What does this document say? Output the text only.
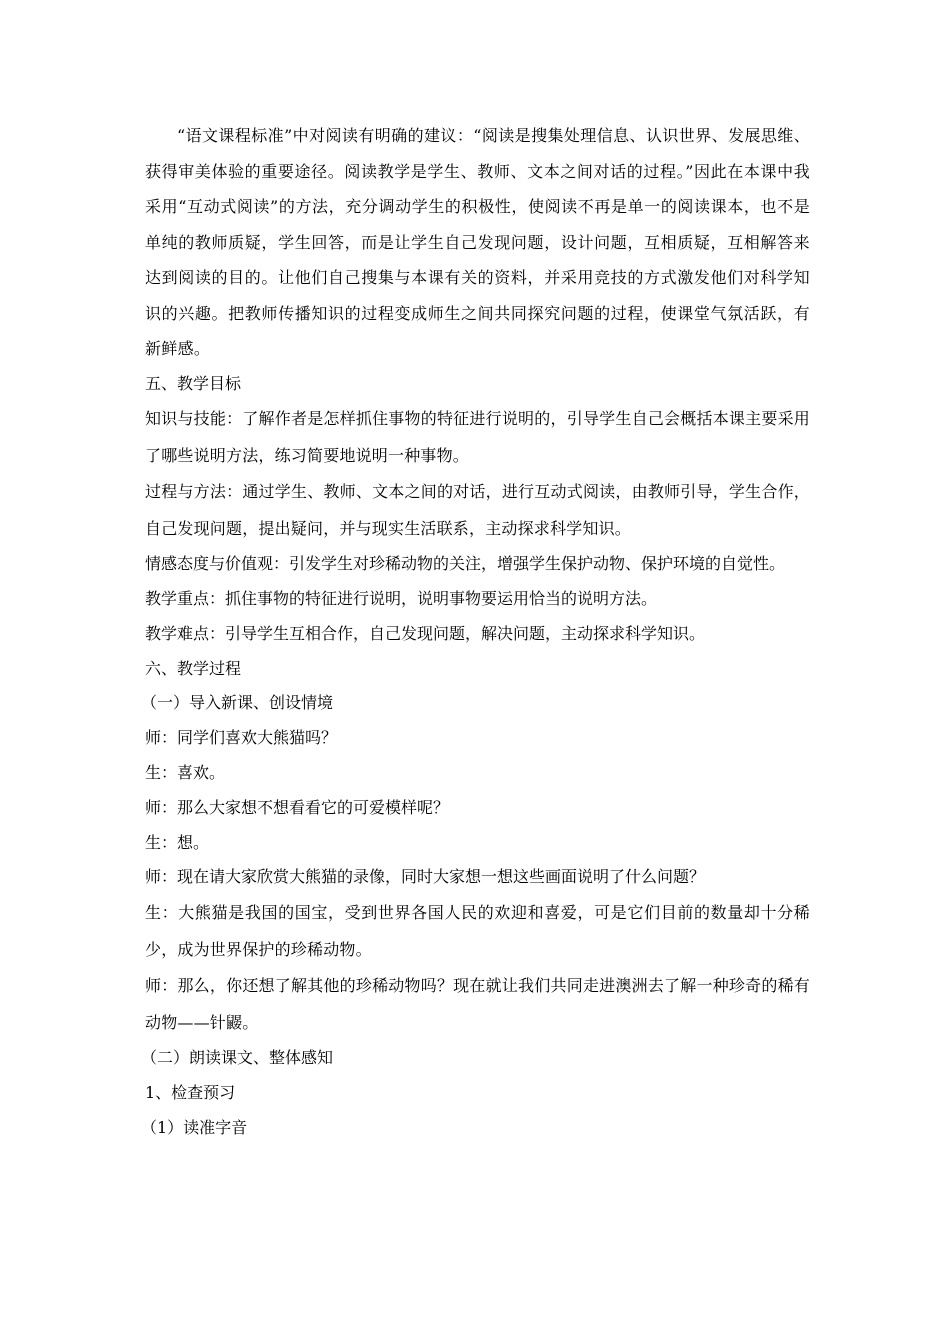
“语文课程标准”中对阅读有明确的建议：“阅读是搜集处理信息、认识世界、发展思维、获得审美体验的重要途径。阅读教学是学生、教师、文本之间对话的过程。”因此在本课中我采用“互动式阅读”的方法，充分调动学生的积极性，使阅读不再是单一的阅读课本，也不是单纯的教师质疑，学生回答，而是让学生自己发现问题，设计问题，互相质疑，互相解答来达到阅读的目的。让他们自己搜集与本课有关的资料，并采用竞技的方式激发他们对科学知识的兴趣。把教师传播知识的过程变成师生之间共同探究问题的过程，使课堂气氛活跃，有新鲜感。

五、教学目标

知识与技能：了解作者是怎样抓住事物的特征进行说明的，引导学生自己会概括本课主要采用了哪些说明方法，练习简要地说明一种事物。

过程与方法：通过学生、教师、文本之间的对话，进行互动式阅读，由教师引导，学生合作，自己发现问题，提出疑问，并与现实生活联系，主动探求科学知识。

情感态度与价值观：引发学生对珍稀动物的关注，增强学生保护动物、保护环境的自觉性。

教学重点：抓住事物的特征进行说明，说明事物要运用恰当的说明方法。

教学难点：引导学生互相合作，自己发现问题，解决问题，主动探求科学知识。

六、教学过程

（一）导入新课、创设情境

师：同学们喜欢大熊猫吗？

生：喜欢。

师：那么大家想不想看看它的可爱模样呢？

生：想。

师：现在请大家欣赏大熊猫的录像，同时大家想一想这些画面说明了什么问题？

生：大熊猫是我国的国宝，受到世界各国人民的欢迎和喜爱，可是它们目前的数量却十分稀少，成为世界保护的珍稀动物。

师：那么，你还想了解其他的珍稀动物吗？现在就让我们共同走进澳洲去了解一种珍奇的稀有动物——针鼹。

（二）朗读课文、整体感知

1、检查预习

（1）读准字音
